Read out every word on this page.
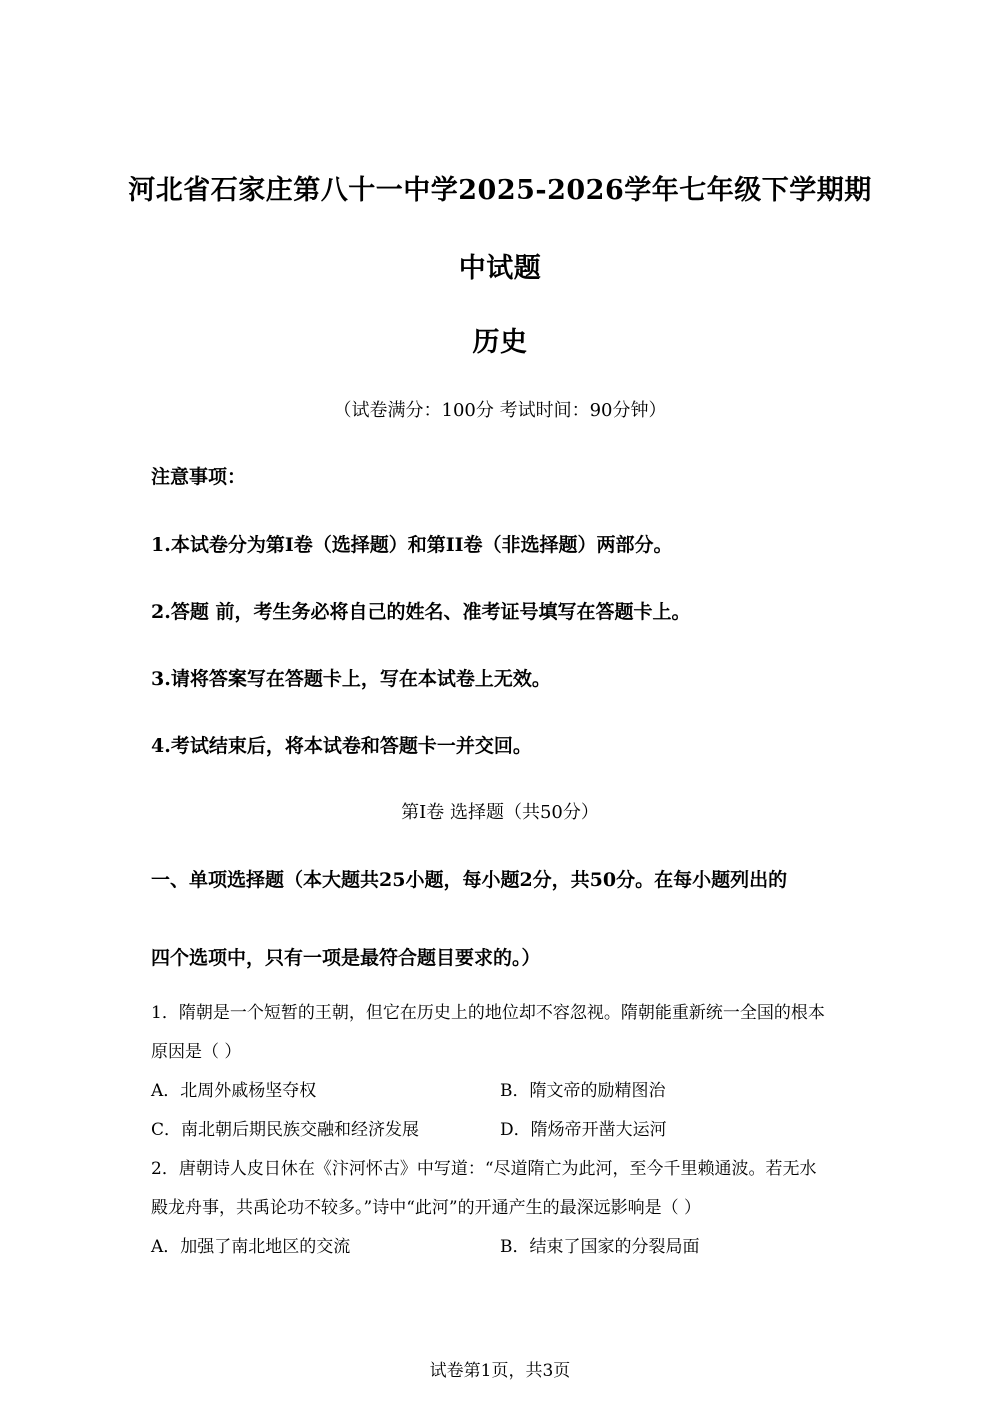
河北省石家庄第八十一中学2025-2026学年七年级下学期期
中试题
历史
（试卷满分：100分 考试时间：90分钟）
注意事项：
1.本试卷分为第Ⅰ卷（选择题）和第II卷（非选择题）两部分。
2.答题 前，考生务必将自己的姓名、准考证号填写在答题卡上。
3.请将答案写在答题卡上，写在本试卷上无效。
4.考试结束后，将本试卷和答题卡一并交回。
第Ⅰ卷 选择题（共50分）
一、单项选择题（本大题共25小题，每小题2分，共50分。在每小题列出的
四个选项中，只有一项是最符合题目要求的。）
1．隋朝是一个短暂的王朝，但它在历史上的地位却不容忽视。隋朝能重新统一全国的根本
原因是（ ）
A．北周外戚杨坚夺权	B．隋文帝的励精图治
C．南北朝后期民族交融和经济发展	D．隋炀帝开凿大运河
2．唐朝诗人皮日休在《汴河怀古》中写道：“尽道隋亡为此河，至今千里赖通波。若无水
殿龙舟事，共禹论功不较多。”诗中“此河”的开通产生的最深远影响是（ ）
A．加强了南北地区的交流	B．结束了国家的分裂局面
试卷第1页，共3页
